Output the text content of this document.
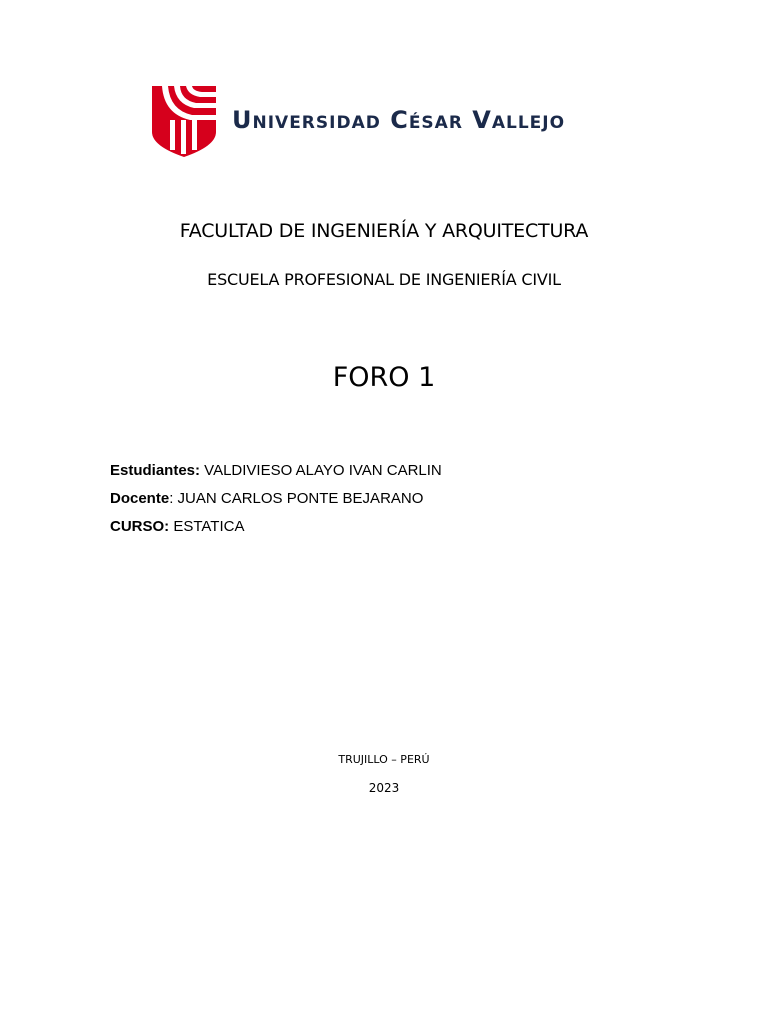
Universidad César Vallejo
FACULTAD DE INGENIERÍA Y ARQUITECTURA
ESCUELA PROFESIONAL DE INGENIERÍA CIVIL
FORO 1
Estudiantes: VALDIVIESO ALAYO IVAN CARLIN
Docente: JUAN CARLOS PONTE BEJARANO
CURSO: ESTATICA
TRUJILLO – PERÚ
2023
